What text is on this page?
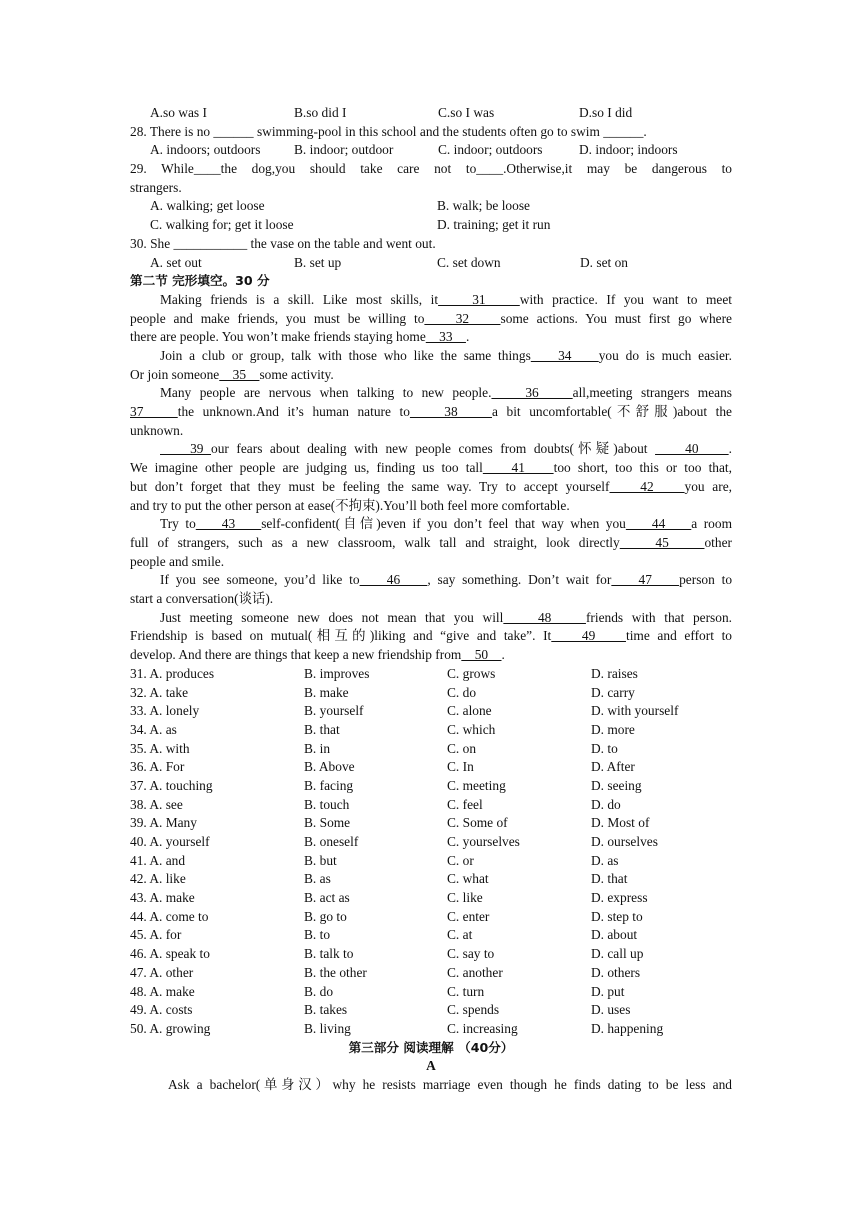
A.so was I	B.so did I	C.so I was	D.so I did
28. There is no ______ swimming-pool in this school and the students often go to swim ______.
A. indoors; outdoors	B. indoor; outdoor	C. indoor; outdoors	D. indoor; indoors
29. While____the dog,you should take care not to____.Otherwise,it may be dangerous to
strangers.
A. walking; get loose	B. walk; be loose
C. walking for; get it loose	D. training; get it run
30. She ___________ the vase on the table and went out.
A. set out	B. set up	C. set down	D. set on
第二节 完形填空。30 分
Making friends is a skill. Like most skills, it    31    with practice. If you want to meet
people and make friends, you must be willing to    32    some actions. You must first go where
there are people. You won’t make friends staying home    33    .
Join a club or group, talk with those who like the same things    34    you do is much easier.
Or join someone    35    some activity.
Many people are nervous when talking to new people.    36    all,meeting strangers means
37    the unknown.And it’s human nature to    38    a bit uncomfortable(不舒服)about the
unknown.
39 our fears about dealing with new people comes from doubts(怀疑)about     40    .
We imagine other people are judging us, finding us too tall    41    too short, too this or too that,
but don’t forget that they must be feeling the same way. Try to accept yourself    42    you are,
and try to put the other person at ease(不拘束).You’ll both feel more comfortable.
Try to    43    self-confident(自信)even if you don’t feel that way when you    44    a room
full of strangers, such as a new classroom, walk tall and straight, look directly    45    other
people and smile.
If you see someone, you’d like to    46    , say something. Don’t wait for    47    person to
start a conversation(谈话).
Just meeting someone new does not mean that you will    48    friends with that person.
Friendship is based on mutual(相互的)liking and “give and take”. It    49    time and effort to
develop. And there are things that keep a new friendship from    50    .
31. A. produces	B. improves	C. grows	D. raises
32. A. take	B. make	C. do	D. carry
33. A. lonely	B. yourself	C. alone	D. with yourself
34. A. as	B. that	C. which	D. more
35. A. with	B. in	C. on	D. to
36. A. For	B. Above	C. In	D. After
37. A. touching	B. facing	C. meeting	D. seeing
38. A. see	B. touch	C. feel	D. do
39. A. Many	B. Some	C. Some of	D. Most of
40. A. yourself	B. oneself	C. yourselves	D. ourselves
41. A. and	B. but	C. or	D. as
42. A. like	B. as	C. what	D. that
43. A. make	B. act as	C. like	D. express
44. A. come to	B. go to	C. enter	D. step to
45. A. for	B. to	C. at	D. about
46. A. speak to	B. talk to	C. say to	D. call up
47. A. other	B. the other	C. another	D. others
48. A. make	B. do	C. turn	D. put
49. A. costs	B. takes	C. spends	D. uses
50. A. growing	B. living	C. increasing	D. happening
第三部分 阅读理解 （40分）
A
Ask a bachelor(单身汉）why he resists marriage even though he finds dating to be less and
